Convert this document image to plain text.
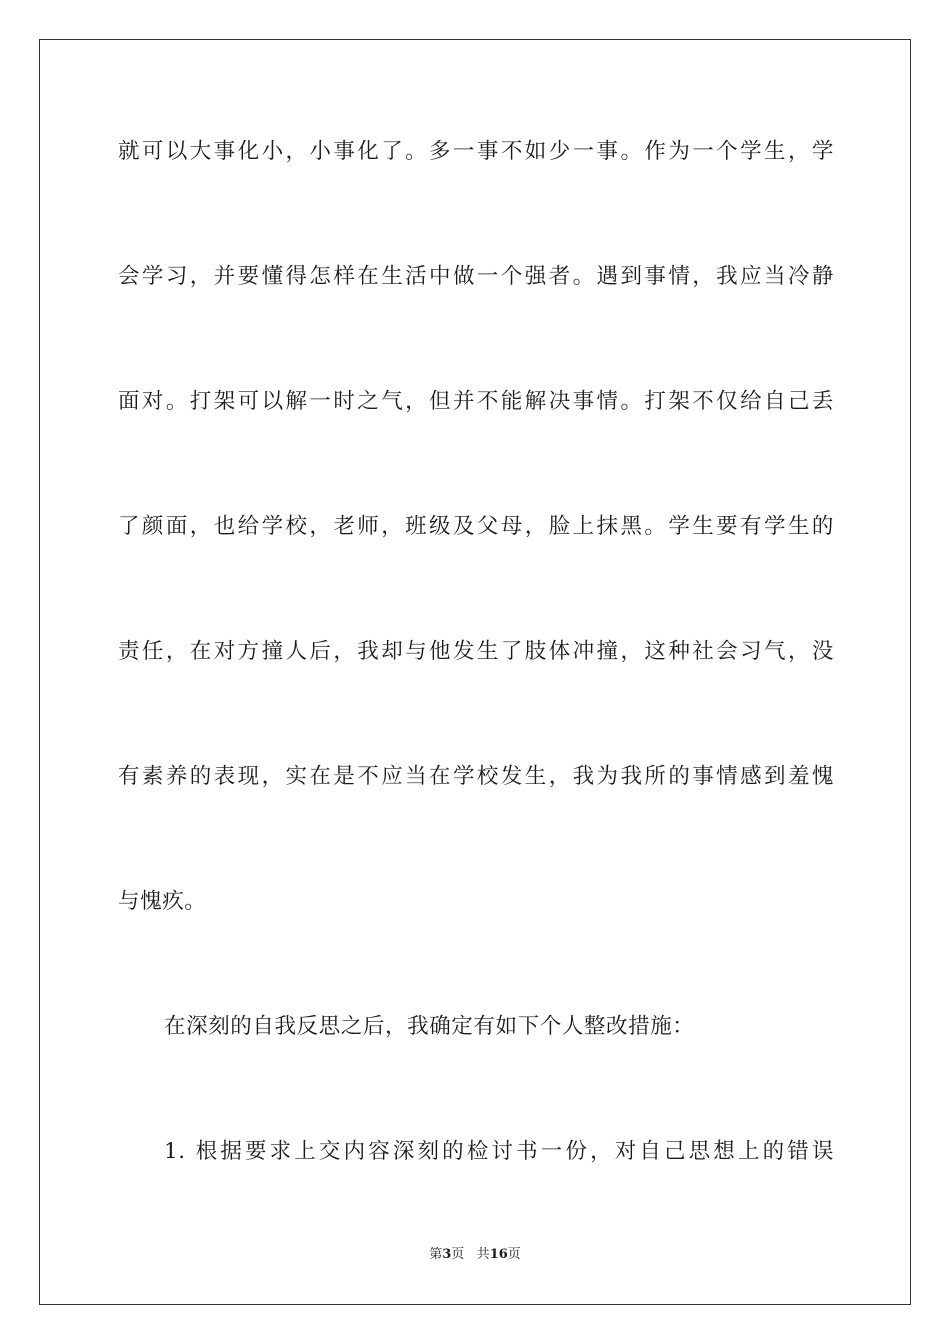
就可以大事化小，小事化了。多一事不如少一事。作为一个学生，学
会学习，并要懂得怎样在生活中做一个强者。遇到事情，我应当冷静
面对。打架可以解一时之气，但并不能解决事情。打架不仅给自己丢
了颜面，也给学校，老师，班级及父母，脸上抹黑。学生要有学生的
责任，在对方撞人后，我却与他发生了肢体冲撞，这种社会习气，没
有素养的表现，实在是不应当在学校发生，我为我所的事情感到羞愧
与愧疚。
在深刻的自我反思之后，我确定有如下个人整改措施：
1. 根据要求上交内容深刻的检讨书一份，对自己思想上的错误
第3页 共16页
